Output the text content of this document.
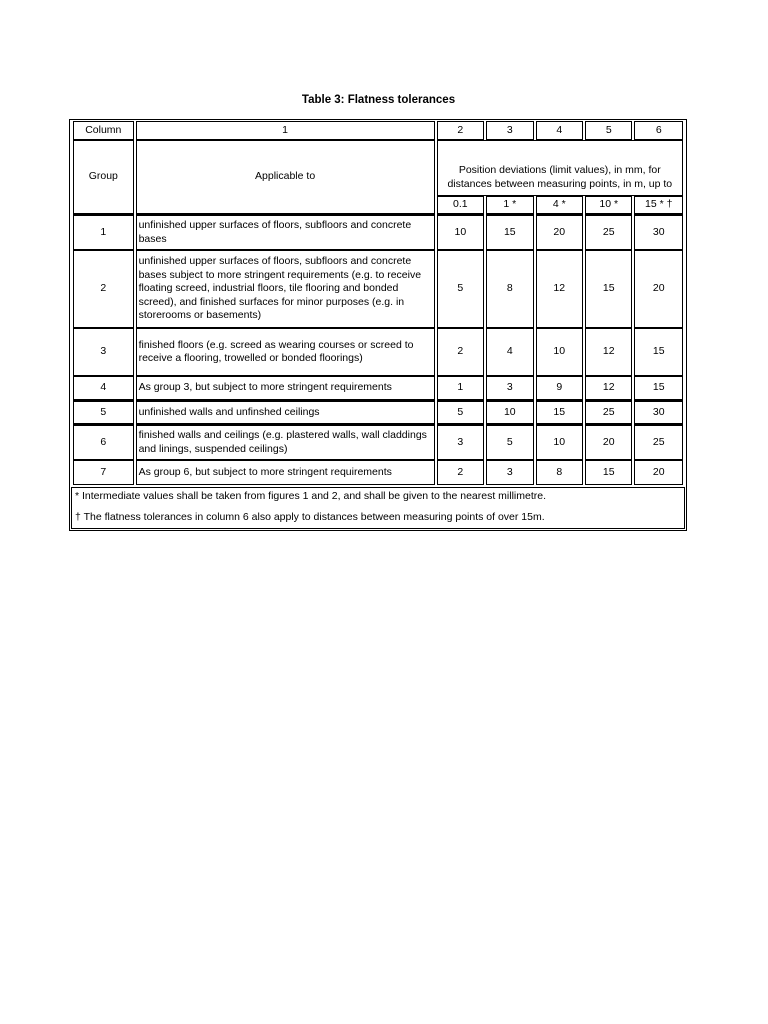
Table 3: Flatness tolerances
Column	1	2	3	4	5	6
Group	Applicable to	Position deviations (limit values), in mm, for distances between measuring points, in m, up to				
		0.1	1 *	4 *	10 *	15 * †
1	unfinished upper surfaces of floors, subfloors and concrete bases	10	15	20	25	30
2	unfinished upper surfaces of floors, subfloors and concrete bases subject to more stringent requirements (e.g. to receive floating screed, industrial floors, tile flooring and bonded screed), and finished surfaces for minor purposes (e.g. in storerooms or basements)	5	8	12	15	20
3	finished floors (e.g. screed as wearing courses or screed to receive a flooring, trowelled or bonded floorings)	2	4	10	12	15
4	As group 3, but subject to more stringent requirements	1	3	9	12	15
5	unfinished walls and unfinshed ceilings	5	10	15	25	30
6	finished walls and ceilings (e.g. plastered walls, wall claddings and linings, suspended ceilings)	3	5	10	20	25
7	As group 6, but subject to more stringent requirements	2	3	8	15	20

* Intermediate values shall be taken from figures 1 and 2, and shall be given to the nearest millimetre.

† The flatness tolerances in column 6 also apply to distances between measuring points of over 15m.
